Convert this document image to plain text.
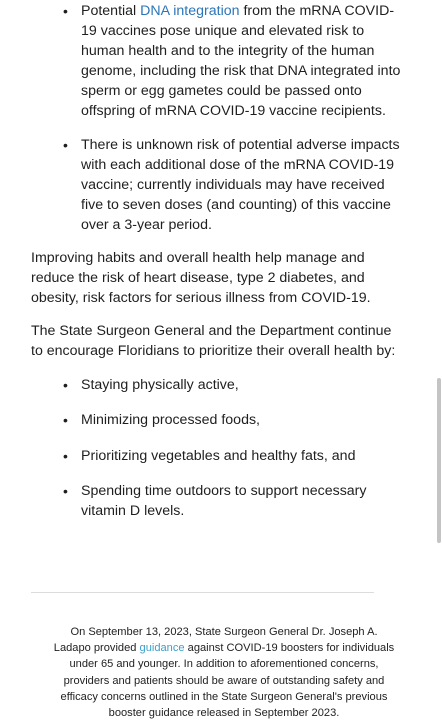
• Potential DNA integration from the mRNA COVID-
19 vaccines pose unique and elevated risk to
human health and to the integrity of the human
genome, including the risk that DNA integrated into
sperm or egg gametes could be passed onto
offspring of mRNA COVID-19 vaccine recipients.
• There is unknown risk of potential adverse impacts
with each additional dose of the mRNA COVID-19
vaccine; currently individuals may have received
five to seven doses (and counting) of this vaccine
over a 3-year period.
Improving habits and overall health help manage and
reduce the risk of heart disease, type 2 diabetes, and
obesity, risk factors for serious illness from COVID-19.
The State Surgeon General and the Department continue
to encourage Floridians to prioritize their overall health by:
• Staying physically active,
• Minimizing processed foods,
• Prioritizing vegetables and healthy fats, and
• Spending time outdoors to support necessary
vitamin D levels.
On September 13, 2023, State Surgeon General Dr. Joseph A.
Ladapo provided guidance against COVID-19 boosters for individuals
under 65 and younger. In addition to aforementioned concerns,
providers and patients should be aware of outstanding safety and
efficacy concerns outlined in the State Surgeon General's previous
booster guidance released in September 2023.
